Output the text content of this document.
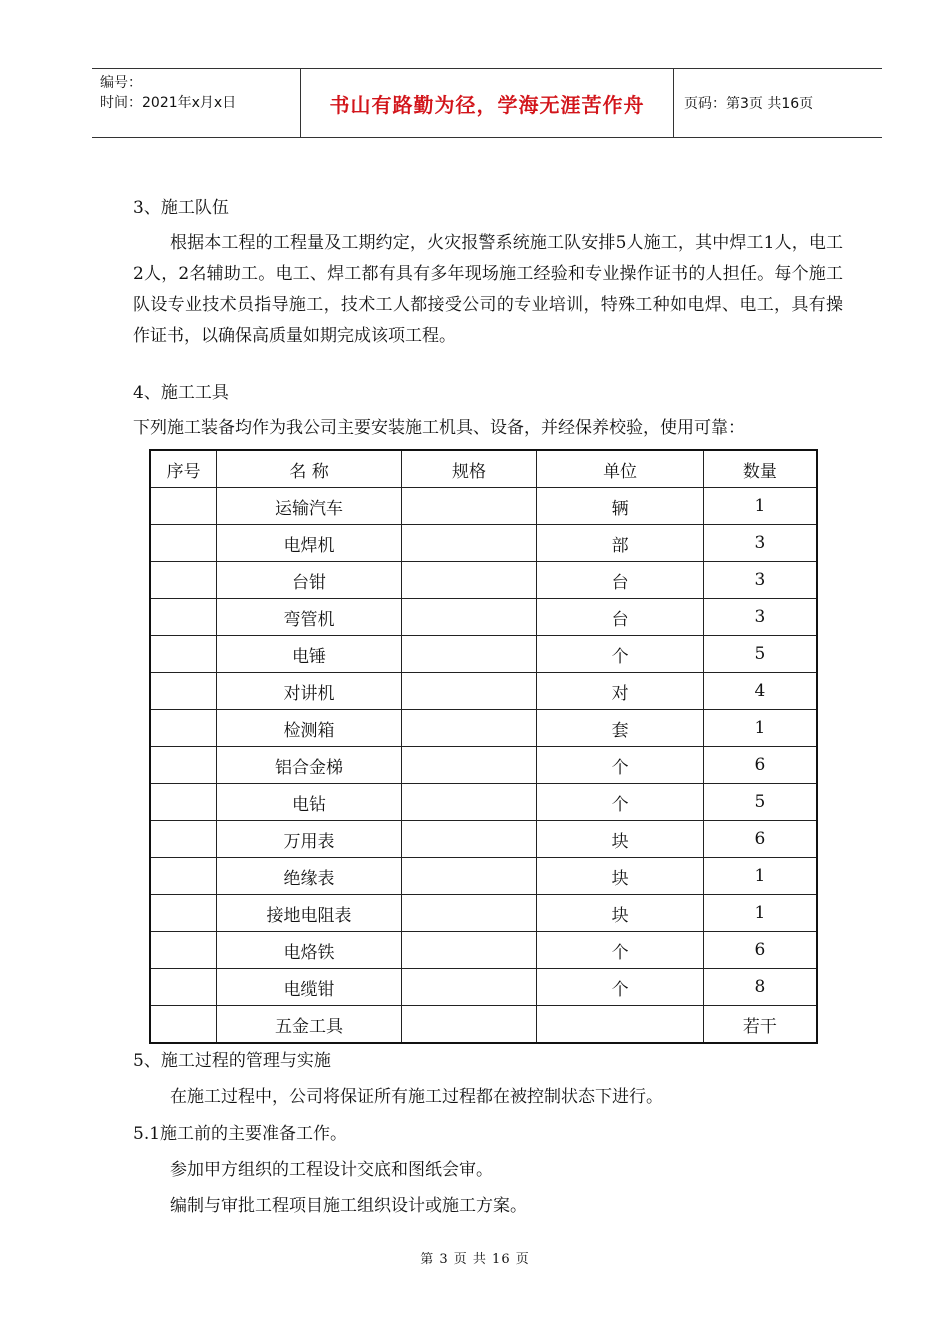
编号：
时间：2021年x月x日	书山有路勤为径，学海无涯苦作舟	页码：第3页 共16页
3、施工队伍
根据本工程的工程量及工期约定，火灾报警系统施工队安排5人施工，其中焊工1人，电工2人，2名辅助工。电工、焊工都有具有多年现场施工经验和专业操作证书的人担任。每个施工队设专业技术员指导施工，技术工人都接受公司的专业培训，特殊工种如电焊、电工，具有操作证书，以确保高质量如期完成该项工程。
4、施工工具
下列施工装备均作为我公司主要安装施工机具、设备，并经保养校验，使用可靠：
序号	名 称	规格	单位	数量
	运输汽车		辆	1
	电焊机		部	3
	台钳		台	3
	弯管机		台	3
	电锤		个	5
	对讲机		对	4
	检测箱		套	1
	铝合金梯		个	6
	电钻		个	5
	万用表		块	6
	绝缘表		块	1
	接地电阻表		块	1
	电烙铁		个	6
	电缆钳		个	8
	五金工具			若干
5、施工过程的管理与实施
在施工过程中，公司将保证所有施工过程都在被控制状态下进行。
5.1施工前的主要准备工作。
参加甲方组织的工程设计交底和图纸会审。
编制与审批工程项目施工组织设计或施工方案。
第 3 页 共 16 页
